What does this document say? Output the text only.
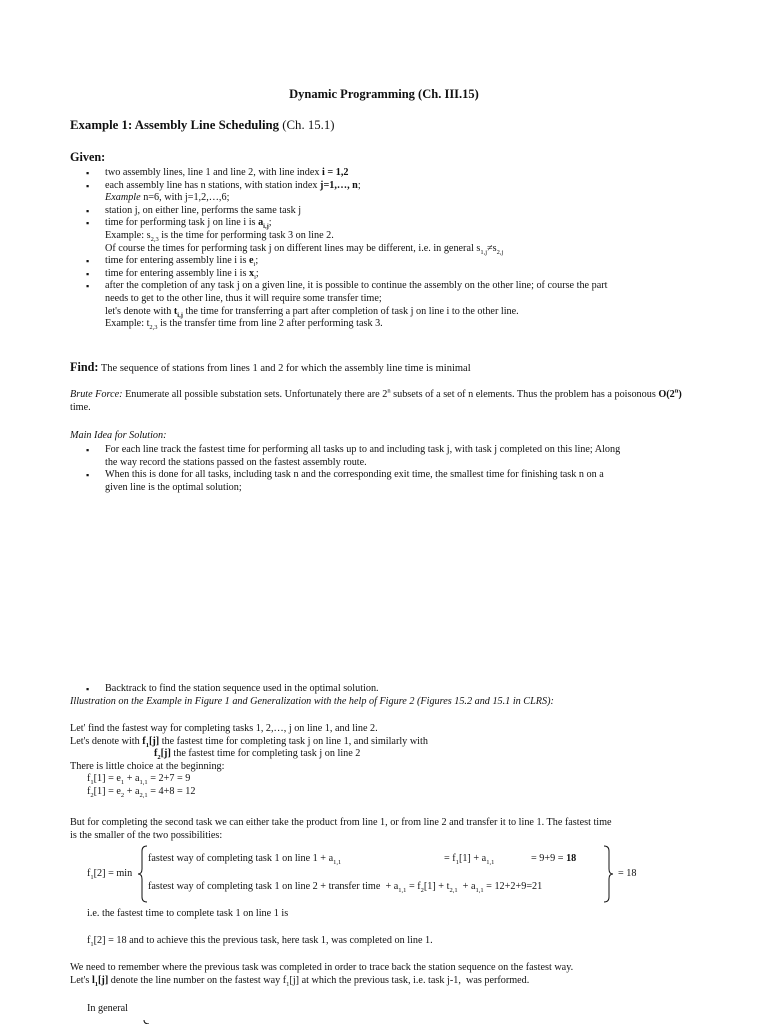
Dynamic Programming (Ch. III.15)
Example 1: Assembly Line Scheduling (Ch. 15.1)
Given:
▪ two assembly lines, line 1 and line 2, with line index i = 1,2
▪ each assembly line has n stations, with station index j=1,…, n;
Example n=6, with j=1,2,…,6;
▪ station j, on either line, performs the same task j
▪ time for performing task j on line i is $a_{i,j}$;
Example: $s_{2,3}$ is the time for performing task 3 on line 2.
Of course the times for performing task j on different lines may be different, i.e. in general $s_{1,j}\ne s_{2,j}$
▪ time for entering assembly line i is $e_i$;
▪ time for entering assembly line i is $x_i$;
▪ after the completion of any task j on a given line, it is possible to continue the assembly on the other line; of course the part
needs to get to the other line, thus it will require some transfer time;
let's denote with $t_{i,j}$ the time for transferring a part after completion of task j on line i to the other line.
Example: $t_{2,3}$ is the transfer time from line 2 after performing task 3.
Find: The sequence of stations from lines 1 and 2 for which the assembly line time is minimal
Brute Force: Enumerate all possible substation sets. Unfortunately there are 2$^n$ subsets of a set of n elements. Thus the problem has a poisonous O(2$^n$) time.
Main Idea for Solution:
▪ For each line track the fastest time for performing all tasks up to and including task j, with task j completed on this line; Along
the way record the stations passed on the fastest assembly route.
▪ When this is done for all tasks, including task n and the corresponding exit time, the smallest time for finishing task n on a
given line is the optimal solution;
▪ Backtrack to find the station sequence used in the optimal solution.
Illustration on the Example in Figure 1 and Generalization with the help of Figure 2 (Figures 15.2 and 15.1 in CLRS):
Let' find the fastest way for completing tasks 1, 2,…, j on line 1, and line 2.
Let's denote with $f_1[j]$ the fastest time for completing task j on line 1, and similarly with
$f_2[j]$ the fastest time for completing task j on line 2
There is little choice at the beginning:
$f_1[1] = e_1 + a_{1,1} = 2+7 = 9$
$f_2[1] = e_2 + a_{2,1} = 4+8 = 12$
But for completing the second task we can either take the product from line 1, or from line 2 and transfer it to line 1. The fastest time
is the smaller of the two possibilities:
$f_1[2] = \min$
fastest way of completing task 1 on line $1 + a_{1,1}$	= $f_1[1] + a_{1,1}$	= 9+9 = 18
fastest way of completing task 1 on line 2 + transfer time  + $a_{1,1} = f_2[1] + t_{2,1} + a_{1,1} = 12+2+9=21$
= 18
i.e. the fastest time to complete task 1 on line 1 is
$f_1[2] = 18$ and to achieve this the previous task, here task 1, was completed on line 1.
We need to remember where the previous task was completed in order to trace back the station sequence on the fastest way.
Let's $l_1[j]$ denote the line number on the fastest way $f_1[j]$ at which the previous task, i.e. task j-1,  was performed.
In general
